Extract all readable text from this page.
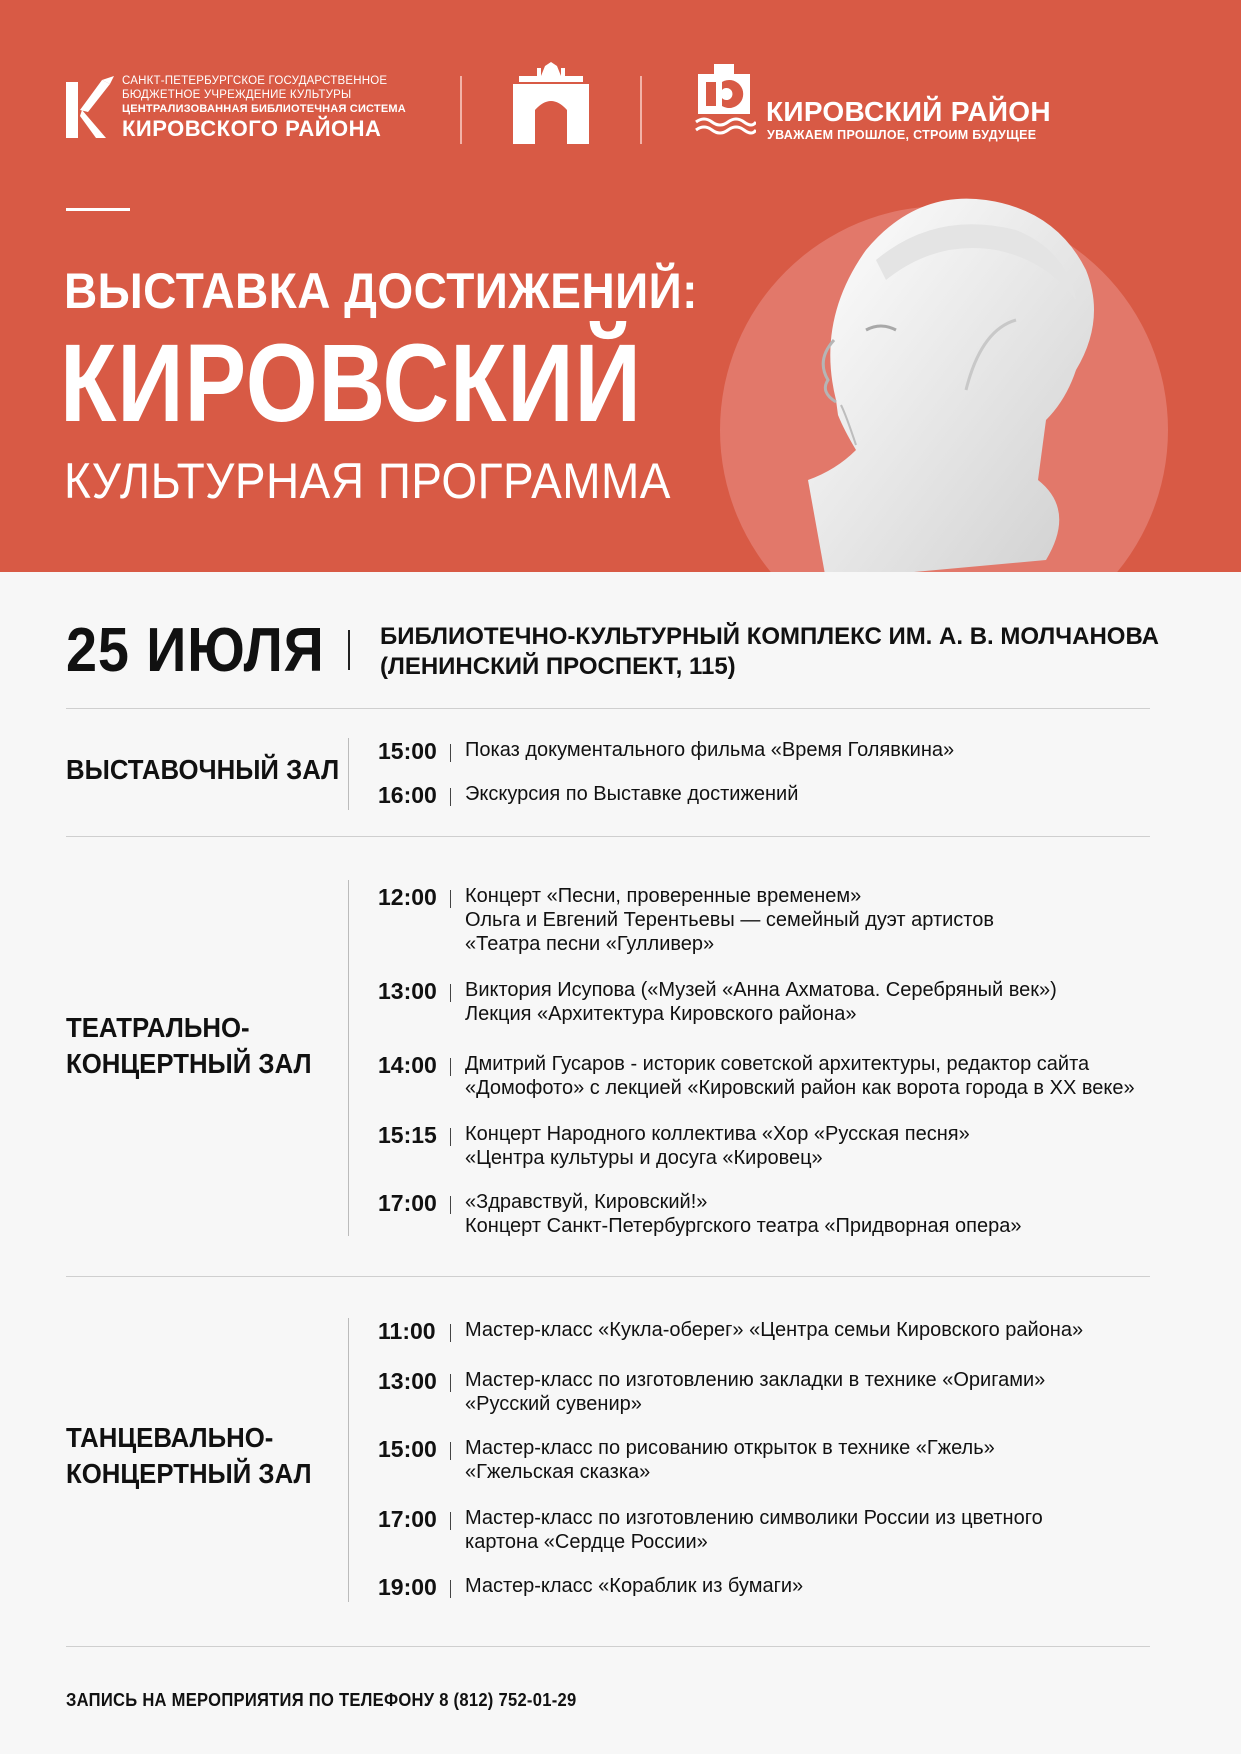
САНКТ-ПЕТЕРБУРГСКОЕ ГОСУДАРСТВЕННОЕ
БЮДЖЕТНОЕ УЧРЕЖДЕНИЕ КУЛЬТУРЫ
ЦЕНТРАЛИЗОВАННАЯ БИБЛИОТЕЧНАЯ СИСТЕМА
КИРОВСКОГО РАЙОНА
КИРОВСКИЙ РАЙОН
УВАЖАЕМ ПРОШЛОЕ, СТРОИМ БУДУЩЕЕ
ВЫСТАВКА ДОСТИЖЕНИЙ:
КИРОВСКИЙ
КУЛЬТУРНАЯ ПРОГРАММА
25 ИЮЛЯ БИБЛИОТЕЧНО-КУЛЬТУРНЫЙ КОМПЛЕКС ИМ. А. В. МОЛЧАНОВА
(ЛЕНИНСКИЙ ПРОСПЕКТ, 115)
ВЫСТАВОЧНЫЙ ЗАЛ
15:00 Показ документального фильма «Время Голявкина»
16:00 Экскурсия по Выставке достижений
ТЕАТРАЛЬНО-
КОНЦЕРТНЫЙ ЗАЛ
12:00 Концерт «Песни, проверенные временем»
Ольга и Евгений Терентьевы — семейный дуэт артистов
«Театра песни «Гулливер»
13:00 Виктория Исупова («Музей «Анна Ахматова. Серебряный век»)
Лекция «Архитектура Кировского района»
14:00 Дмитрий Гусаров - историк советской архитектуры, редактор сайта
«Домофото» с лекцией «Кировский район как ворота города в XX веке»
15:15 Концерт Народного коллектива «Хор «Русская песня»
«Центра культуры и досуга «Кировец»
17:00 «Здравствуй, Кировский!»
Концерт Санкт-Петербургского театра «Придворная опера»
ТАНЦЕВАЛЬНО-
КОНЦЕРТНЫЙ ЗАЛ
11:00 Мастер-класс «Кукла-оберег» «Центра семьи Кировского района»
13:00 Мастер-класс по изготовлению закладки в технике «Оригами»
«Русский сувенир»
15:00 Мастер-класс по рисованию открыток в технике «Гжель»
«Гжельская сказка»
17:00 Мастер-класс по изготовлению символики России из цветного
картона «Сердце России»
19:00 Мастер-класс «Кораблик из бумаги»
ЗАПИСЬ НА МЕРОПРИЯТИЯ ПО ТЕЛЕФОНУ 8 (812) 752-01-29
